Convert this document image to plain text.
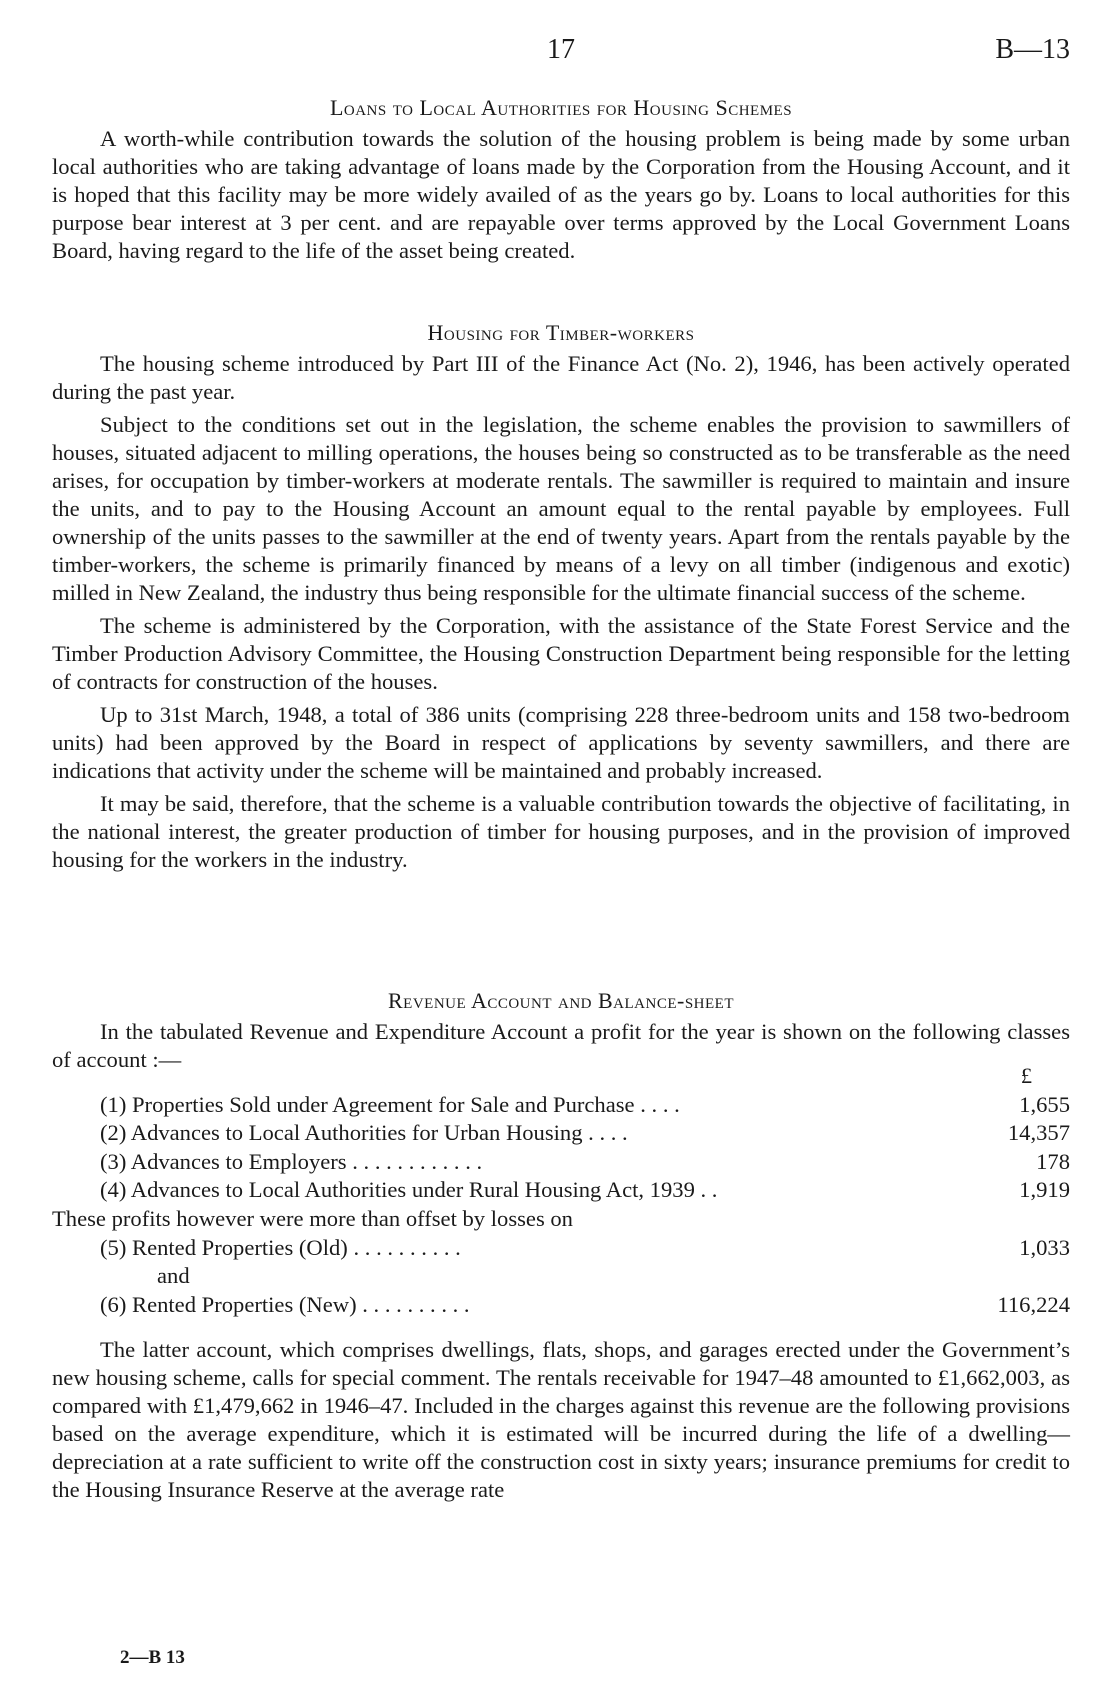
17	B—13
Loans to Local Authorities for Housing Schemes

A worth-while contribution towards the solution of the housing problem is being made by some urban local authorities who are taking advantage of loans made by the Corporation from the Housing Account, and it is hoped that this facility may be more widely availed of as the years go by. Loans to local authorities for this purpose bear interest at 3 per cent. and are repayable over terms approved by the Local Government Loans Board, having regard to the life of the asset being created.

Housing for Timber-workers

The housing scheme introduced by Part III of the Finance Act (No. 2), 1946, has been actively operated during the past year.

Subject to the conditions set out in the legislation, the scheme enables the provision to sawmillers of houses, situated adjacent to milling operations, the houses being so constructed as to be transferable as the need arises, for occupation by timber-workers at moderate rentals. The sawmiller is required to maintain and insure the units, and to pay to the Housing Account an amount equal to the rental payable by employees. Full ownership of the units passes to the sawmiller at the end of twenty years. Apart from the rentals payable by the timber-workers, the scheme is primarily financed by means of a levy on all timber (indigenous and exotic) milled in New Zealand, the industry thus being responsible for the ultimate financial success of the scheme.

The scheme is administered by the Corporation, with the assistance of the State Forest Service and the Timber Production Advisory Committee, the Housing Construction Department being responsible for the letting of contracts for construction of the houses.

Up to 31st March, 1948, a total of 386 units (comprising 228 three-bedroom units and 158 two-bedroom units) had been approved by the Board in respect of applications by seventy sawmillers, and there are indications that activity under the scheme will be maintained and probably increased.

It may be said, therefore, that the scheme is a valuable contribution towards the objective of facilitating, in the national interest, the greater production of timber for housing purposes, and in the provision of improved housing for the workers in the industry.

Revenue Account and Balance-sheet

In the tabulated Revenue and Expenditure Account a profit for the year is shown on the following classes of account :—

£
(1) Properties Sold under Agreement for Sale and Purchase . . . .	1,655
(2) Advances to Local Authorities for Urban Housing . . . .	14,357
(3) Advances to Employers . . . . . . . . . . . .	178
(4) Advances to Local Authorities under Rural Housing Act, 1939 . .	1,919
These profits however were more than offset by losses on
(5) Rented Properties (Old) . . . . . . . . . .	1,033
and
(6) Rented Properties (New) . . . . . . . . . .	116,224

The latter account, which comprises dwellings, flats, shops, and garages erected under the Government’s new housing scheme, calls for special comment. The rentals receivable for 1947–48 amounted to £1,662,003, as compared with £1,479,662 in 1946–47. Included in the charges against this revenue are the following provisions based on the average expenditure, which it is estimated will be incurred during the life of a dwelling—depreciation at a rate sufficient to write off the construction cost in sixty years; insurance premiums for credit to the Housing Insurance Reserve at the average rate

2—B 13
